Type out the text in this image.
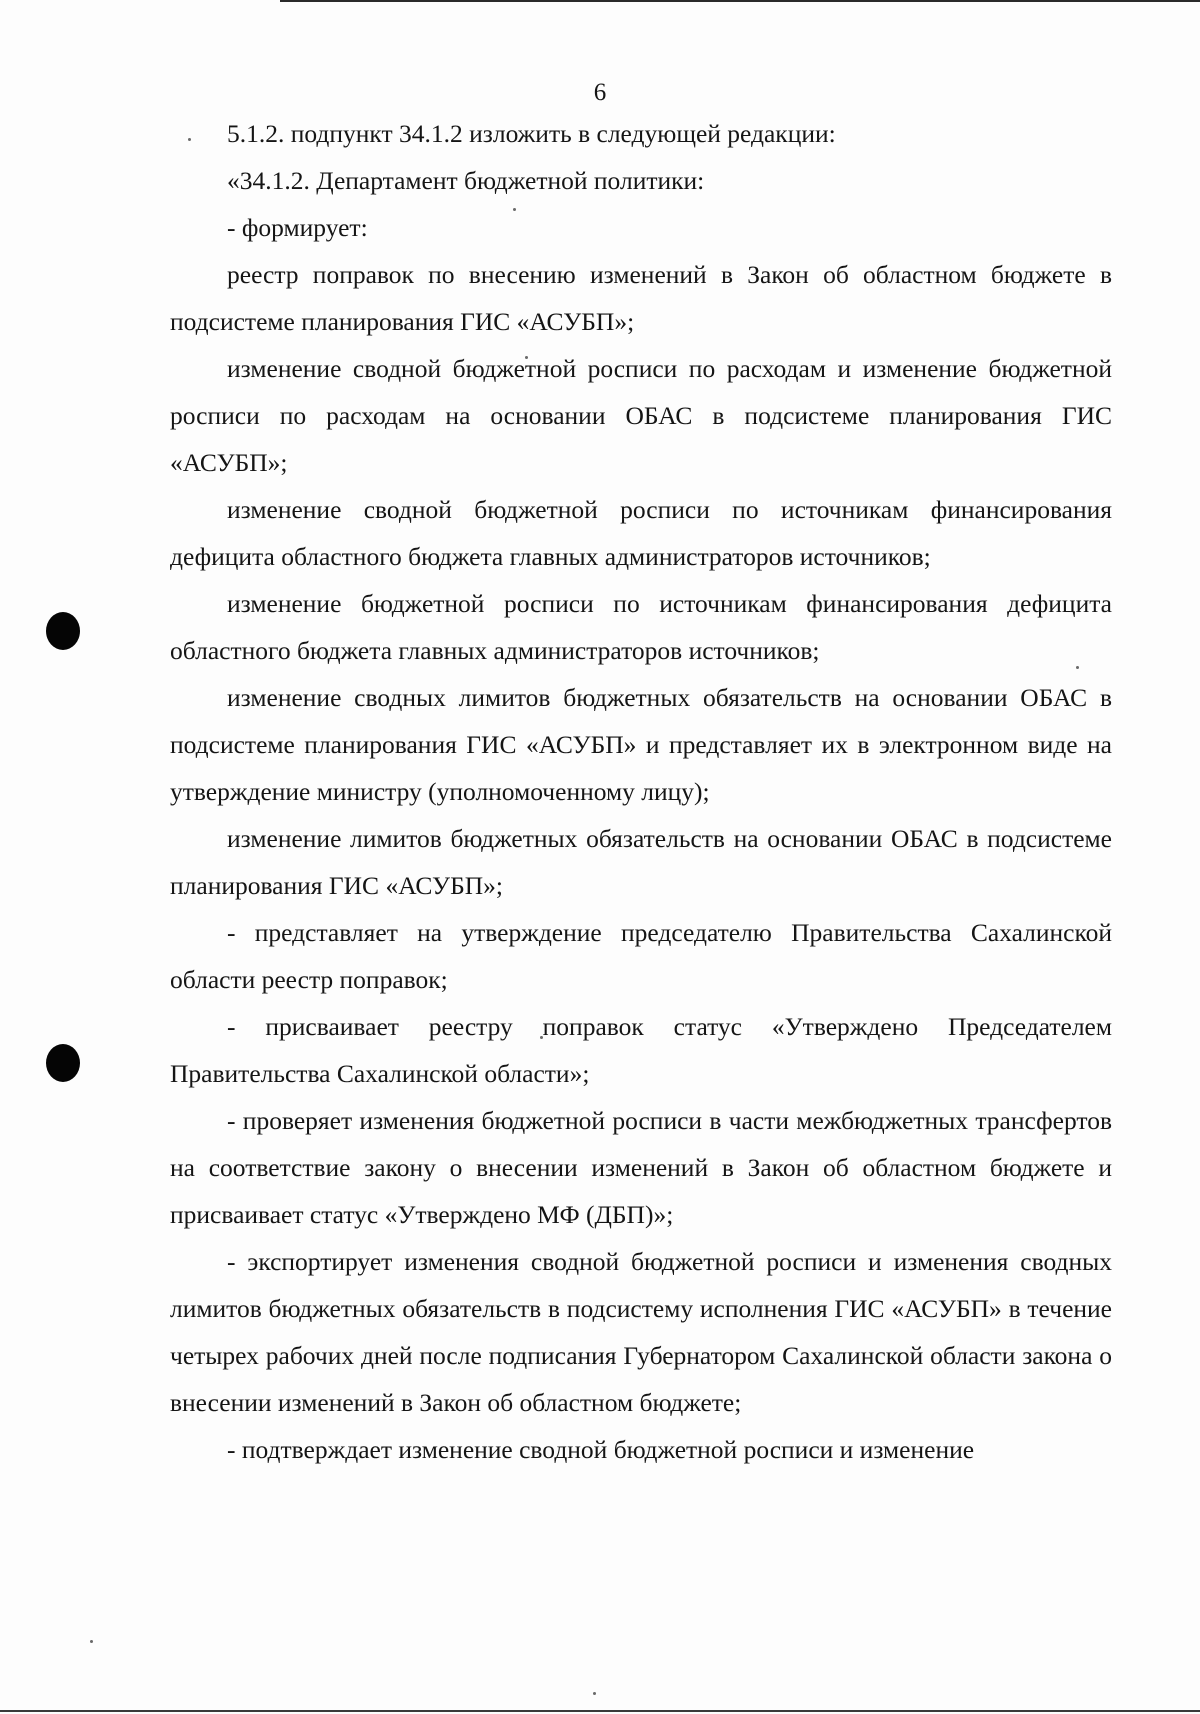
6

5.1.2. подпункт 34.1.2 изложить в следующей редакции:

«34.1.2. Департамент бюджетной политики:

- формирует:

реестр поправок по внесению изменений в Закон об областном бюджете в подсистеме планирования ГИС «АСУБП»;

изменение сводной бюджетной росписи по расходам и изменение бюджетной росписи по расходам на основании ОБАС в подсистеме планирования ГИС «АСУБП»;

изменение сводной бюджетной росписи по источникам финансирования дефицита областного бюджета главных администраторов источников;

изменение бюджетной росписи по источникам финансирования дефицита областного бюджета главных администраторов источников;

изменение сводных лимитов бюджетных обязательств на основании ОБАС в подсистеме планирования ГИС «АСУБП» и представляет их в электронном виде на утверждение министру (уполномоченному лицу);

изменение лимитов бюджетных обязательств на основании ОБАС в подсистеме планирования ГИС «АСУБП»;

- представляет на утверждение председателю Правительства Сахалинской области реестр поправок;

- присваивает реестру поправок статус «Утверждено Председателем Правительства Сахалинской области»;

- проверяет изменения бюджетной росписи в части межбюджетных трансфертов на соответствие закону о внесении изменений в Закон об областном бюджете и присваивает статус «Утверждено МФ (ДБП)»;

- экспортирует изменения сводной бюджетной росписи и изменения сводных лимитов бюджетных обязательств в подсистему исполнения ГИС «АСУБП» в течение четырех рабочих дней после подписания Губернатором Сахалинской области закона о внесении изменений в Закон об областном бюджете;

- подтверждает изменение сводной бюджетной росписи и изменение
